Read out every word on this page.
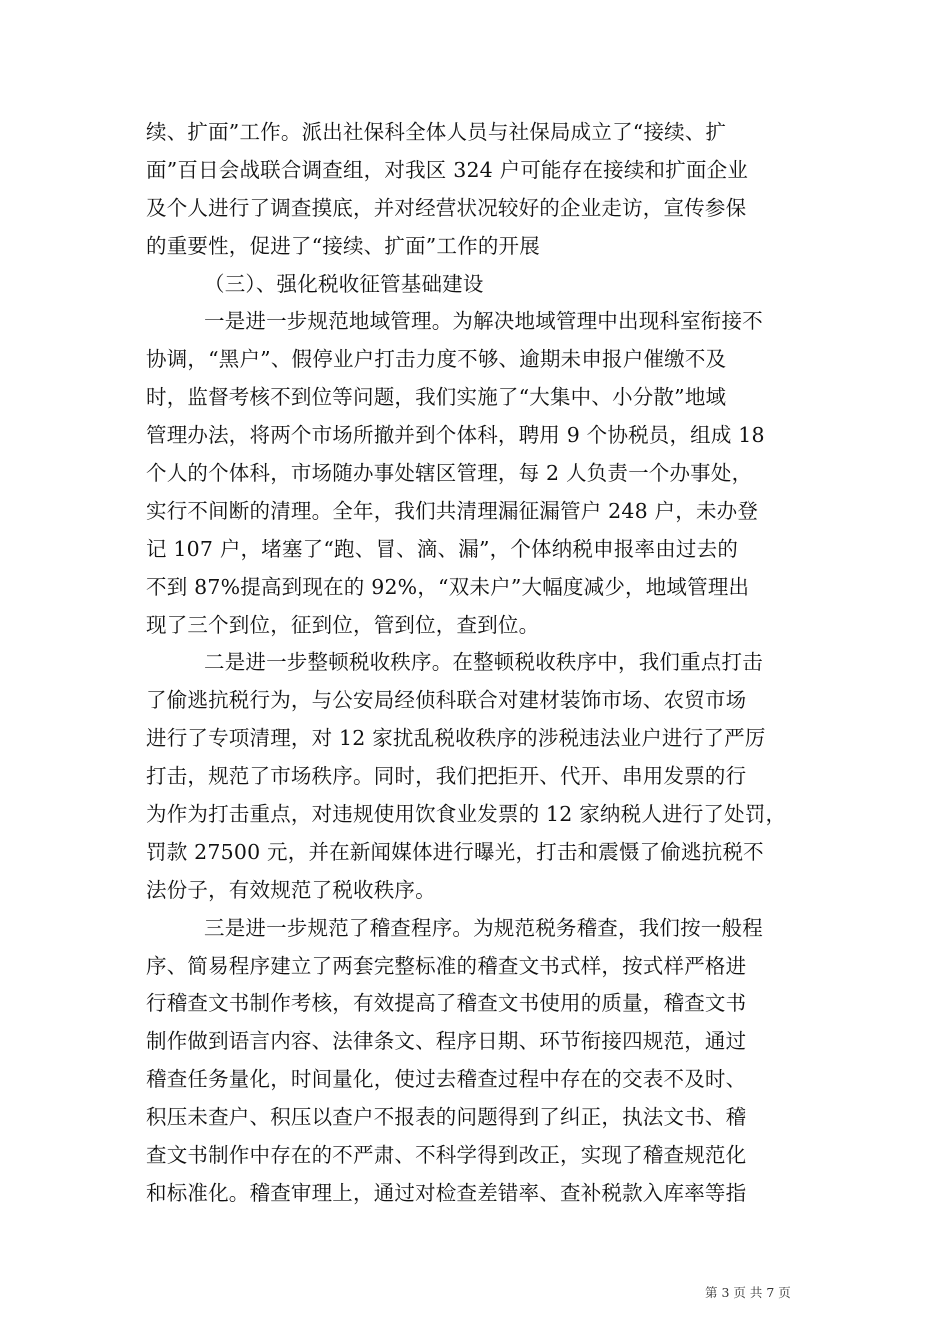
续、扩面”工作。派出社保科全体人员与社保局成立了“接续、扩
面”百日会战联合调查组，对我区 324 户可能存在接续和扩面企业
及个人进行了调查摸底，并对经营状况较好的企业走访，宣传参保
的重要性，促进了“接续、扩面”工作的开展
（三）、强化税收征管基础建设
一是进一步规范地域管理。为解决地域管理中出现科室衔接不
协调，“黑户”、假停业户打击力度不够、逾期未申报户催缴不及
时，监督考核不到位等问题，我们实施了“大集中、小分散”地域
管理办法，将两个市场所撤并到个体科，聘用 9 个协税员，组成 18
个人的个体科，市场随办事处辖区管理，每 2 人负责一个办事处，
实行不间断的清理。全年，我们共清理漏征漏管户 248 户，未办登
记 107 户，堵塞了“跑、冒、滴、漏”，个体纳税申报率由过去的
不到 87%提高到现在的 92%，“双未户”大幅度减少，地域管理出
现了三个到位，征到位，管到位，查到位。
二是进一步整顿税收秩序。在整顿税收秩序中，我们重点打击
了偷逃抗税行为，与公安局经侦科联合对建材装饰市场、农贸市场
进行了专项清理，对 12 家扰乱税收秩序的涉税违法业户进行了严厉
打击，规范了市场秩序。同时，我们把拒开、代开、串用发票的行
为作为打击重点，对违规使用饮食业发票的 12 家纳税人进行了处罚，
罚款 27500 元，并在新闻媒体进行曝光，打击和震慑了偷逃抗税不
法份子，有效规范了税收秩序。
三是进一步规范了稽查程序。为规范税务稽查，我们按一般程
序、简易程序建立了两套完整标准的稽查文书式样，按式样严格进
行稽查文书制作考核，有效提高了稽查文书使用的质量，稽查文书
制作做到语言内容、法律条文、程序日期、环节衔接四规范，通过
稽查任务量化，时间量化，使过去稽查过程中存在的交表不及时、
积压未查户、积压以查户不报表的问题得到了纠正，执法文书、稽
查文书制作中存在的不严肃、不科学得到改正，实现了稽查规范化
和标准化。稽查审理上，通过对检查差错率、查补税款入库率等指
第 3 页 共 7 页
